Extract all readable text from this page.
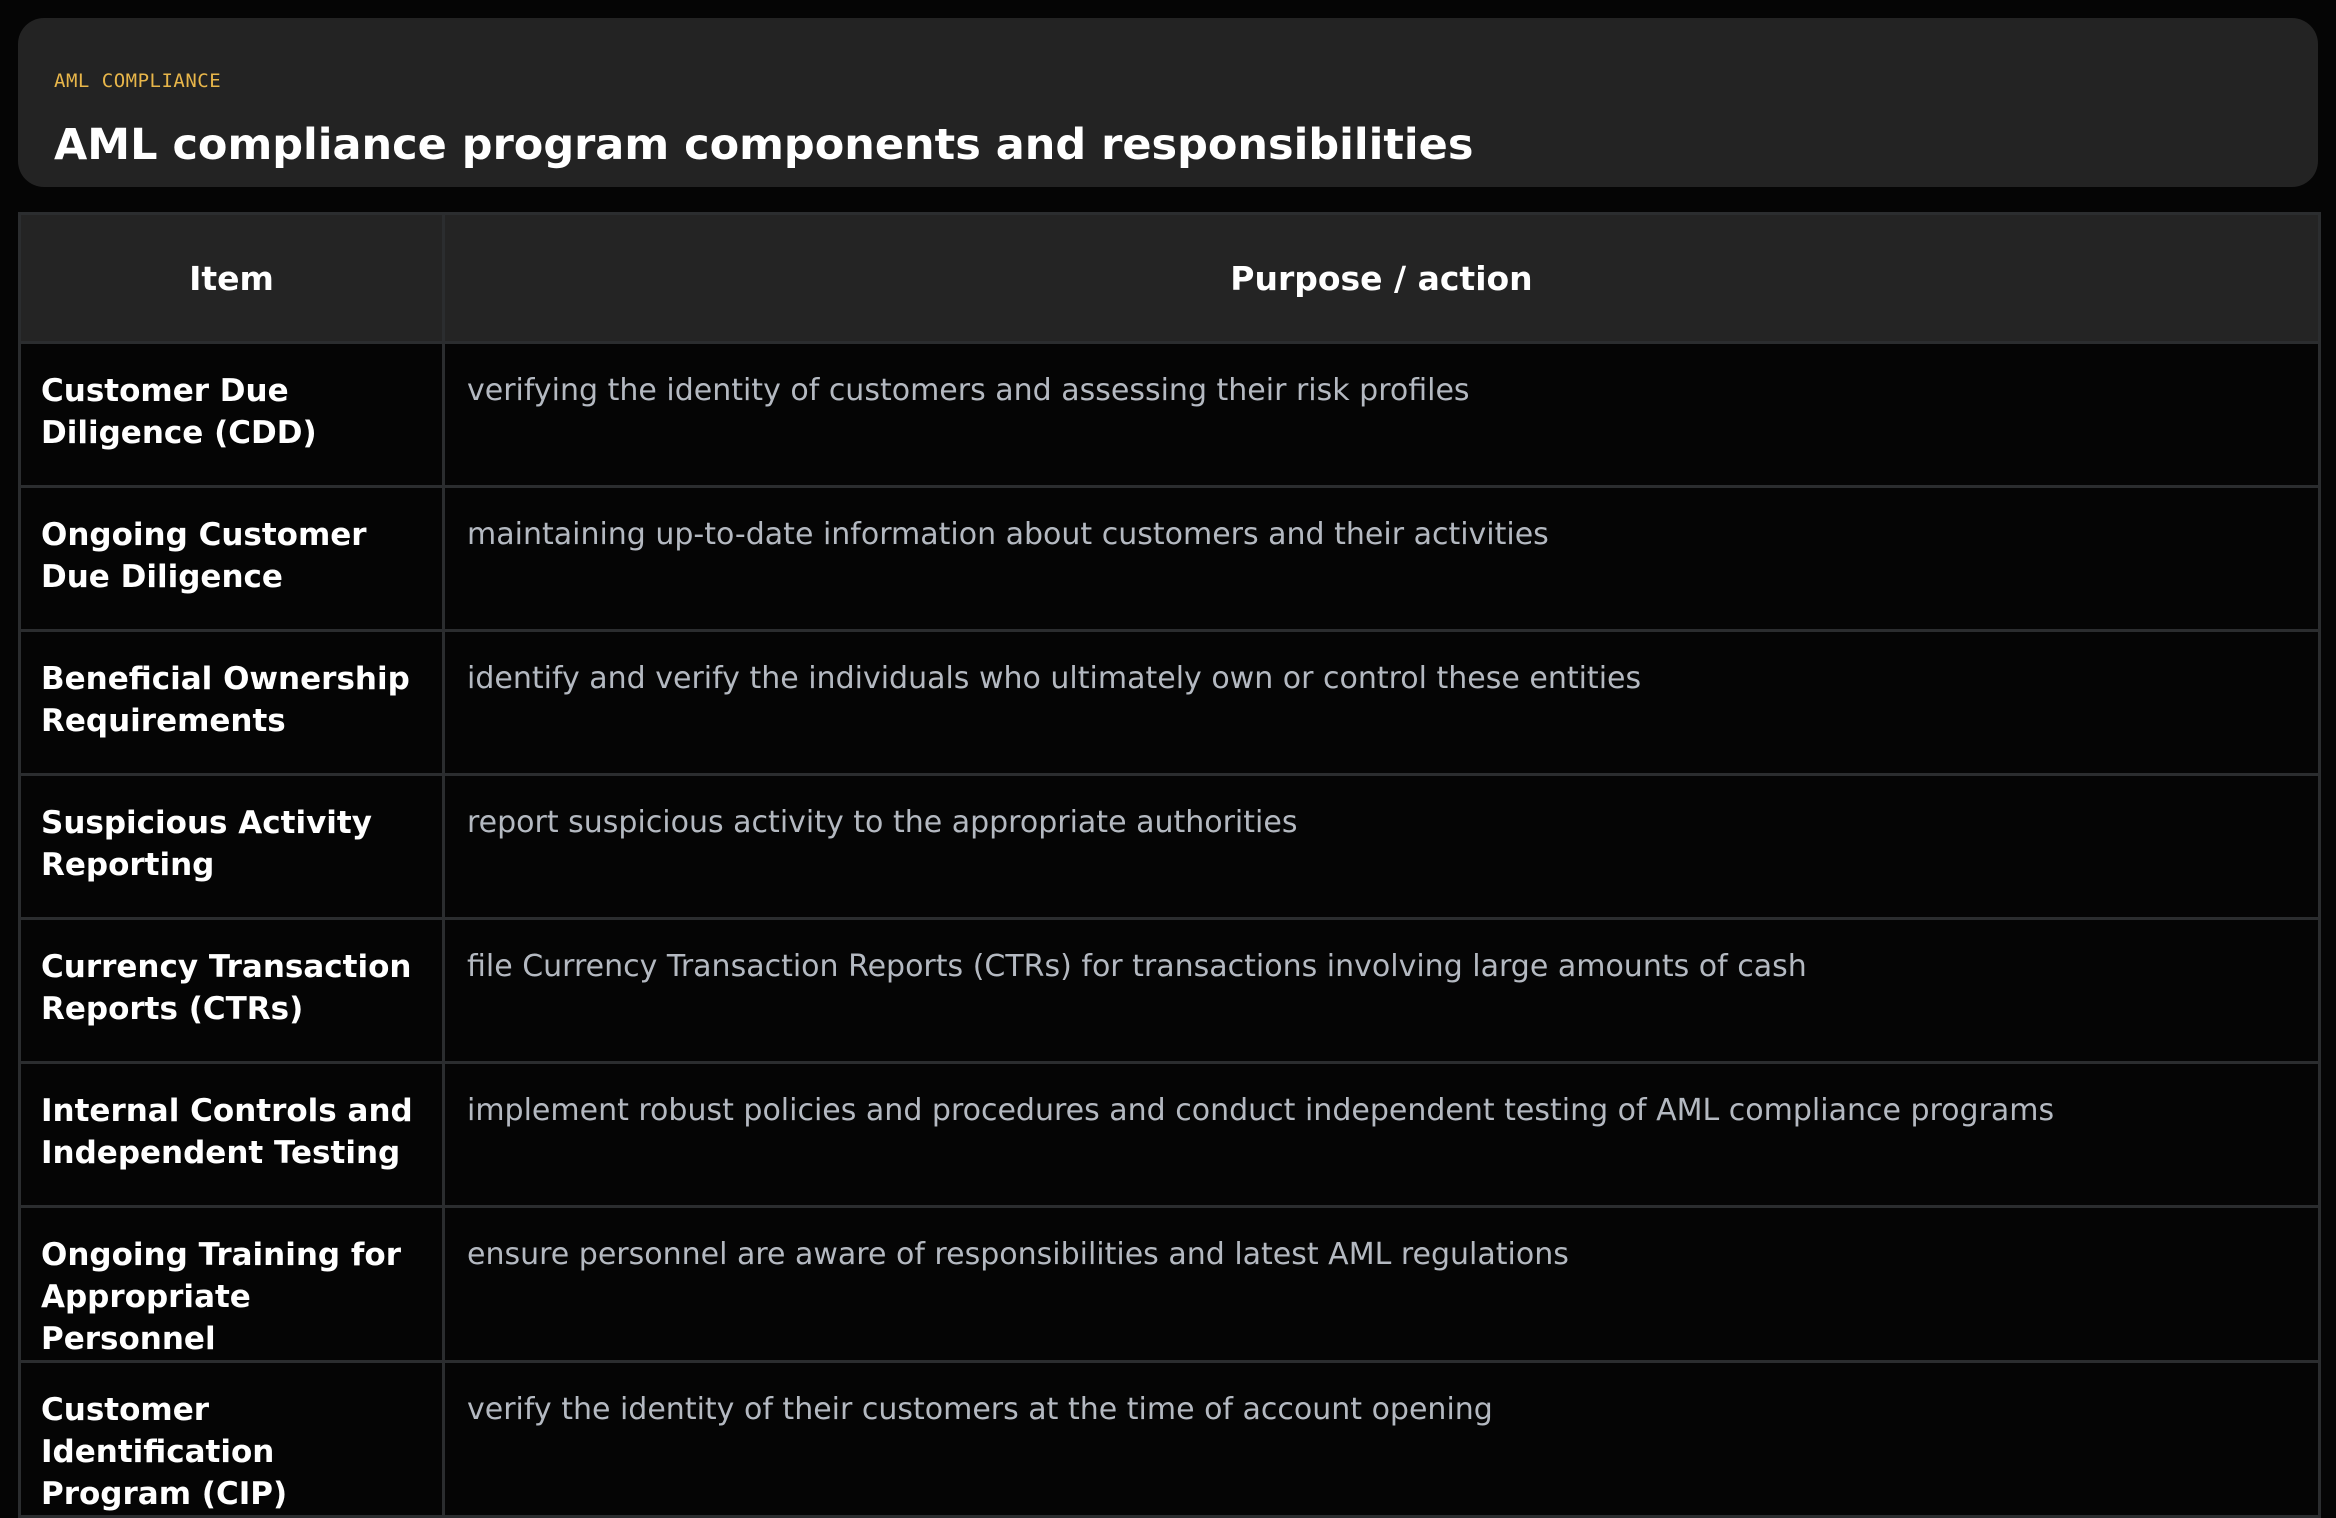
AML COMPLIANCE
AML compliance program components and responsibilities
Item	Purpose / action
Customer Due Diligence (CDD)	verifying the identity of customers and assessing their risk profiles
Ongoing Customer Due Diligence	maintaining up-to-date information about customers and their activities
Beneficial Ownership Requirements	identify and verify the individuals who ultimately own or control these entities
Suspicious Activity Reporting	report suspicious activity to the appropriate authorities
Currency Transaction Reports (CTRs)	file Currency Transaction Reports (CTRs) for transactions involving large amounts of cash
Internal Controls and Independent Testing	implement robust policies and procedures and conduct independent testing of AML compliance programs
Ongoing Training for Appropriate Personnel	ensure personnel are aware of responsibilities and latest AML regulations
Customer Identification Program (CIP)	verify the identity of their customers at the time of account opening
